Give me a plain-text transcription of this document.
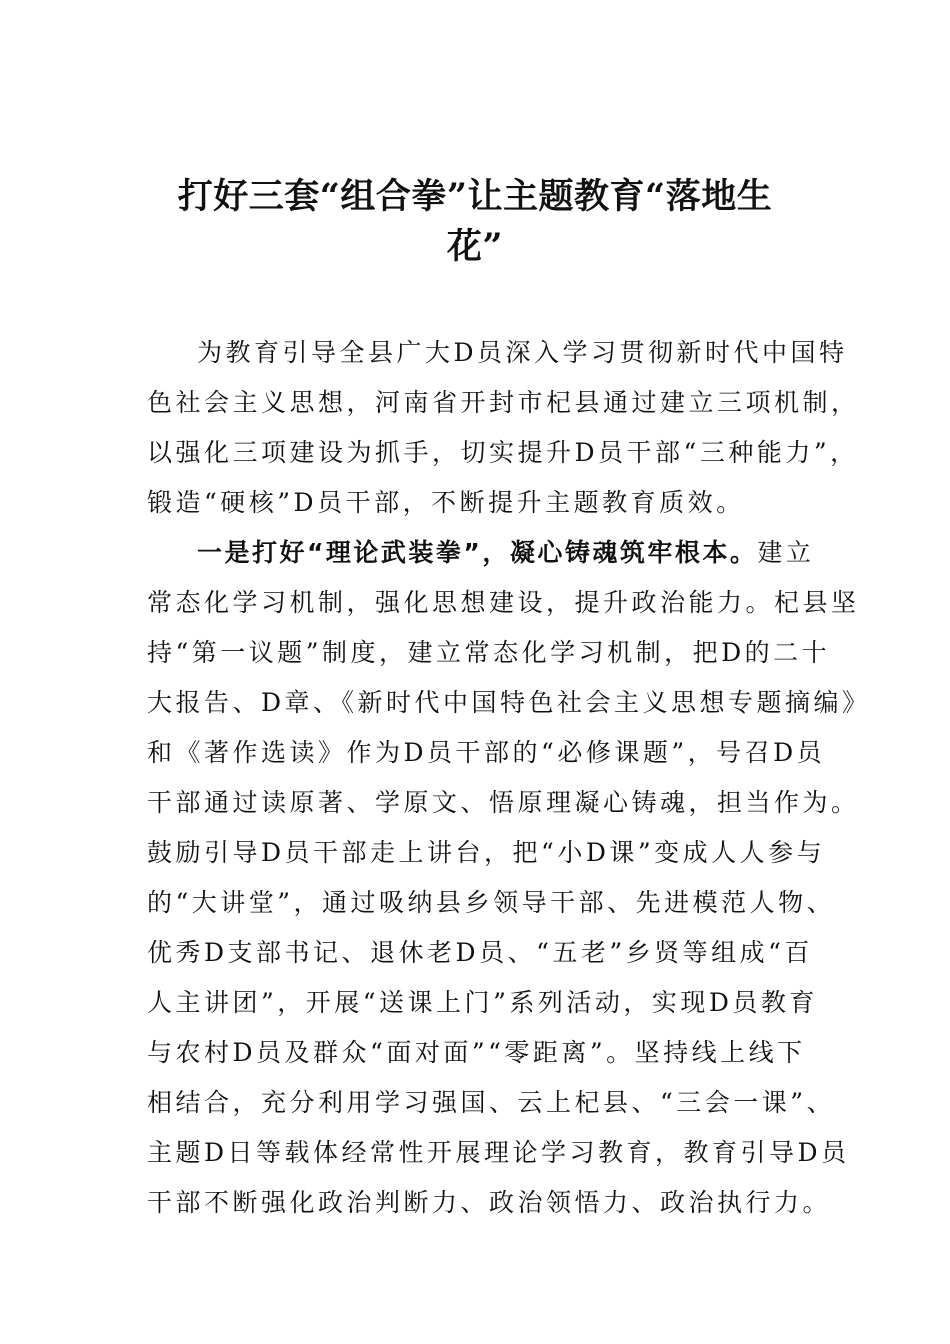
打好三套“组合拳”让主题教育“落地生
花”

为教育引导全县广大D员深入学习贯彻新时代中国特
色社会主义思想，河南省开封市杞县通过建立三项机制，
以强化三项建设为抓手，切实提升D员干部“三种能力”，
锻造“硬核”D员干部，不断提升主题教育质效。

一是打好“理论武装拳”，凝心铸魂筑牢根本。建立
常态化学习机制，强化思想建设，提升政治能力。杞县坚
持“第一议题”制度，建立常态化学习机制，把D的二十
大报告、D章、《新时代中国特色社会主义思想专题摘编》
和《著作选读》作为D员干部的“必修课题”，号召D员
干部通过读原著、学原文、悟原理凝心铸魂，担当作为。
鼓励引导D员干部走上讲台，把“小D课”变成人人参与
的“大讲堂”，通过吸纳县乡领导干部、先进模范人物、
优秀D支部书记、退休老D员、“五老”乡贤等组成“百
人主讲团”，开展“送课上门”系列活动，实现D员教育
与农村D员及群众“面对面”“零距离”。坚持线上线下
相结合，充分利用学习强国、云上杞县、“三会一课”、
主题D日等载体经常性开展理论学习教育，教育引导D员
干部不断强化政治判断力、政治领悟力、政治执行力。
